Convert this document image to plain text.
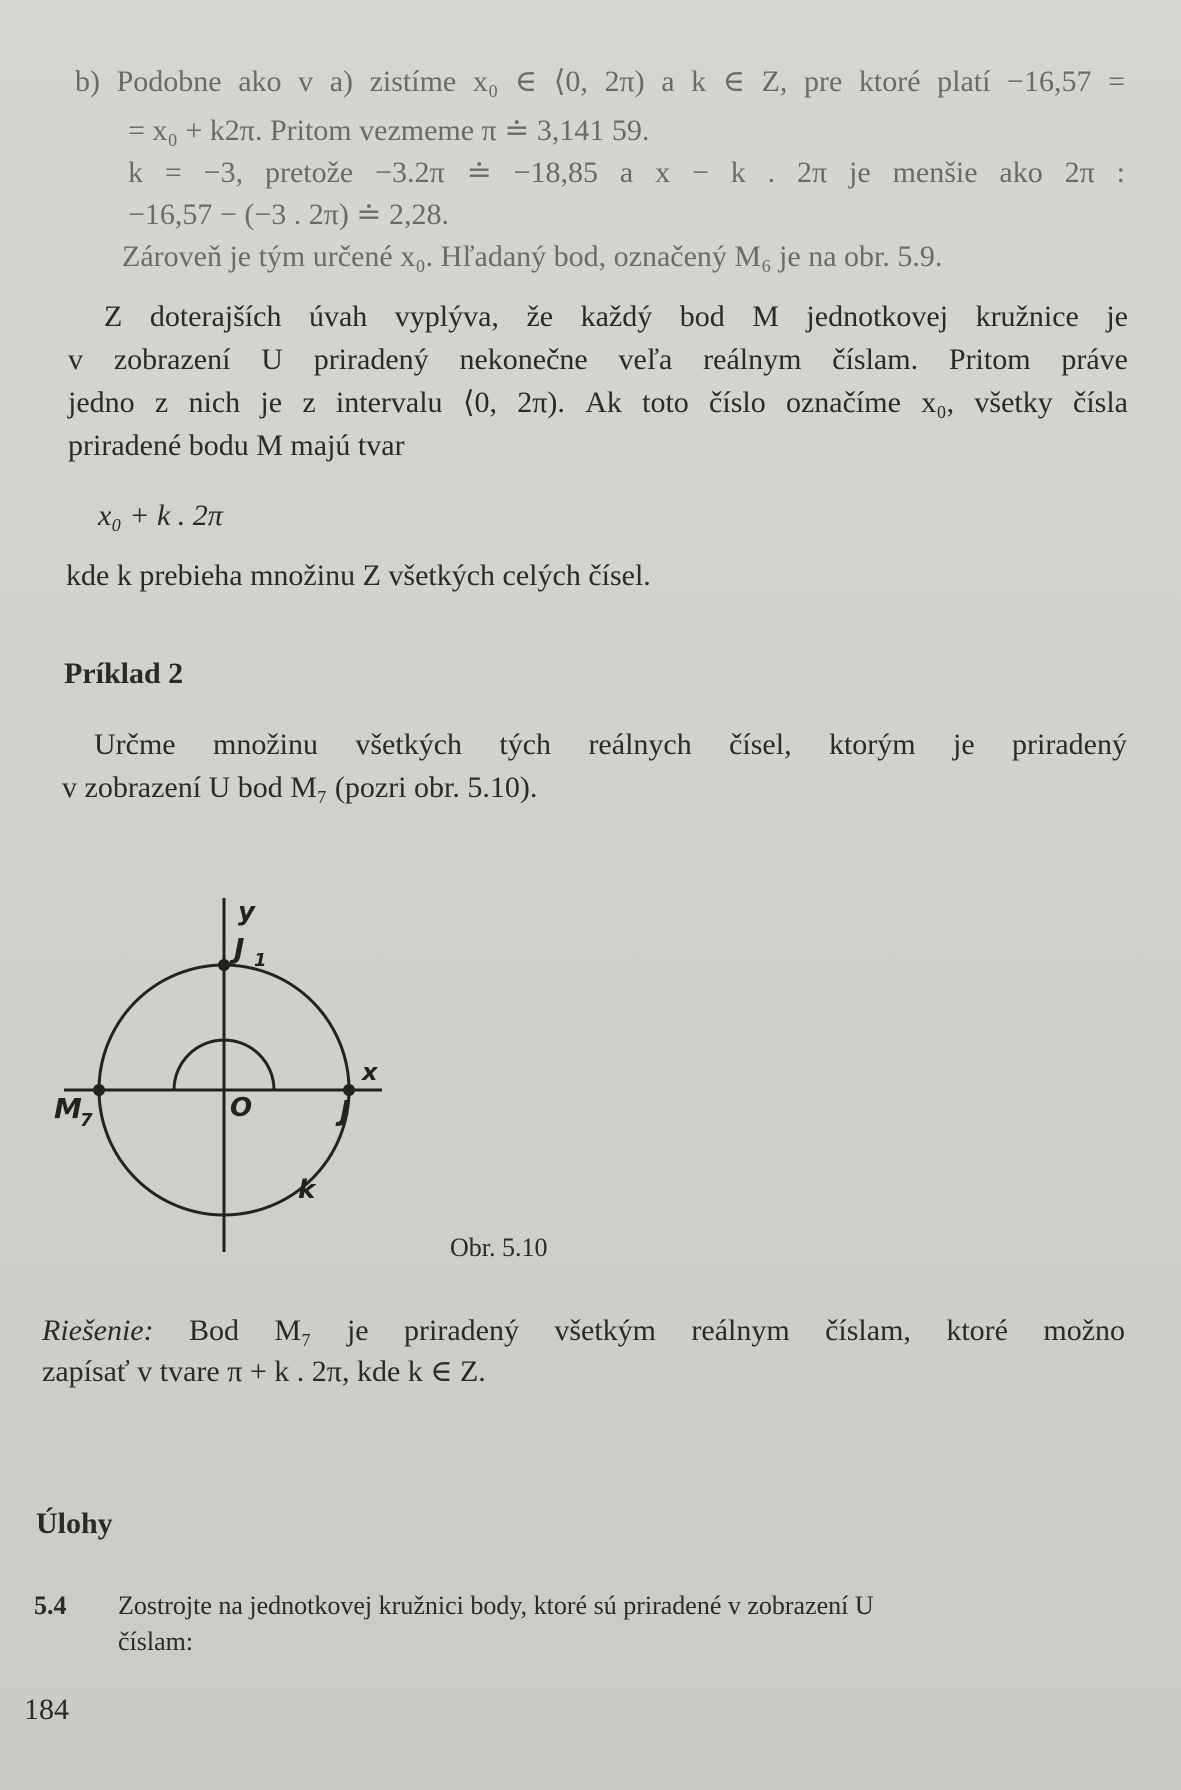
b) Podobne ako v a) zistíme x₀ ∈ ⟨0, 2π) a k ∈ Z, pre ktoré platí −16,57 =
= x₀ + k2π. Pritom vezmeme π ≐ 3,141 59.
k = −3, pretože −3.2π ≐ −18,85 a x − k . 2π je menšie ako 2π :
−16,57 − (−3 . 2π) ≐ 2,28.
Zároveň je tým určené x₀. Hľadaný bod, označený M₆ je na obr. 5.9.
Z doterajších úvah vyplýva, že každý bod M jednotkovej kružnice je
v zobrazení U priradený nekonečne veľa reálnym číslam. Pritom práve
jedno z nich je z intervalu ⟨0, 2π). Ak toto číslo označíme x₀, všetky čísla
priradené bodu M majú tvar
x₀ + k . 2π
kde k prebieha množinu Z všetkých celých čísel.
Príklad 2
Určme množinu všetkých tých reálnych čísel, ktorým je priradený
v zobrazení U bod M₇ (pozri obr. 5.10).
y
J 1
x
M
7	O	J
k
Obr. 5.10
Riešenie: Bod M₇ je priradený všetkým reálnym číslam, ktoré možno
zapísať v tvare π + k . 2π, kde k ∈ Z.
Úlohy
5.4 Zostrojte na jednotkovej kružnici body, ktoré sú priradené v zobrazení U
číslam:
184
